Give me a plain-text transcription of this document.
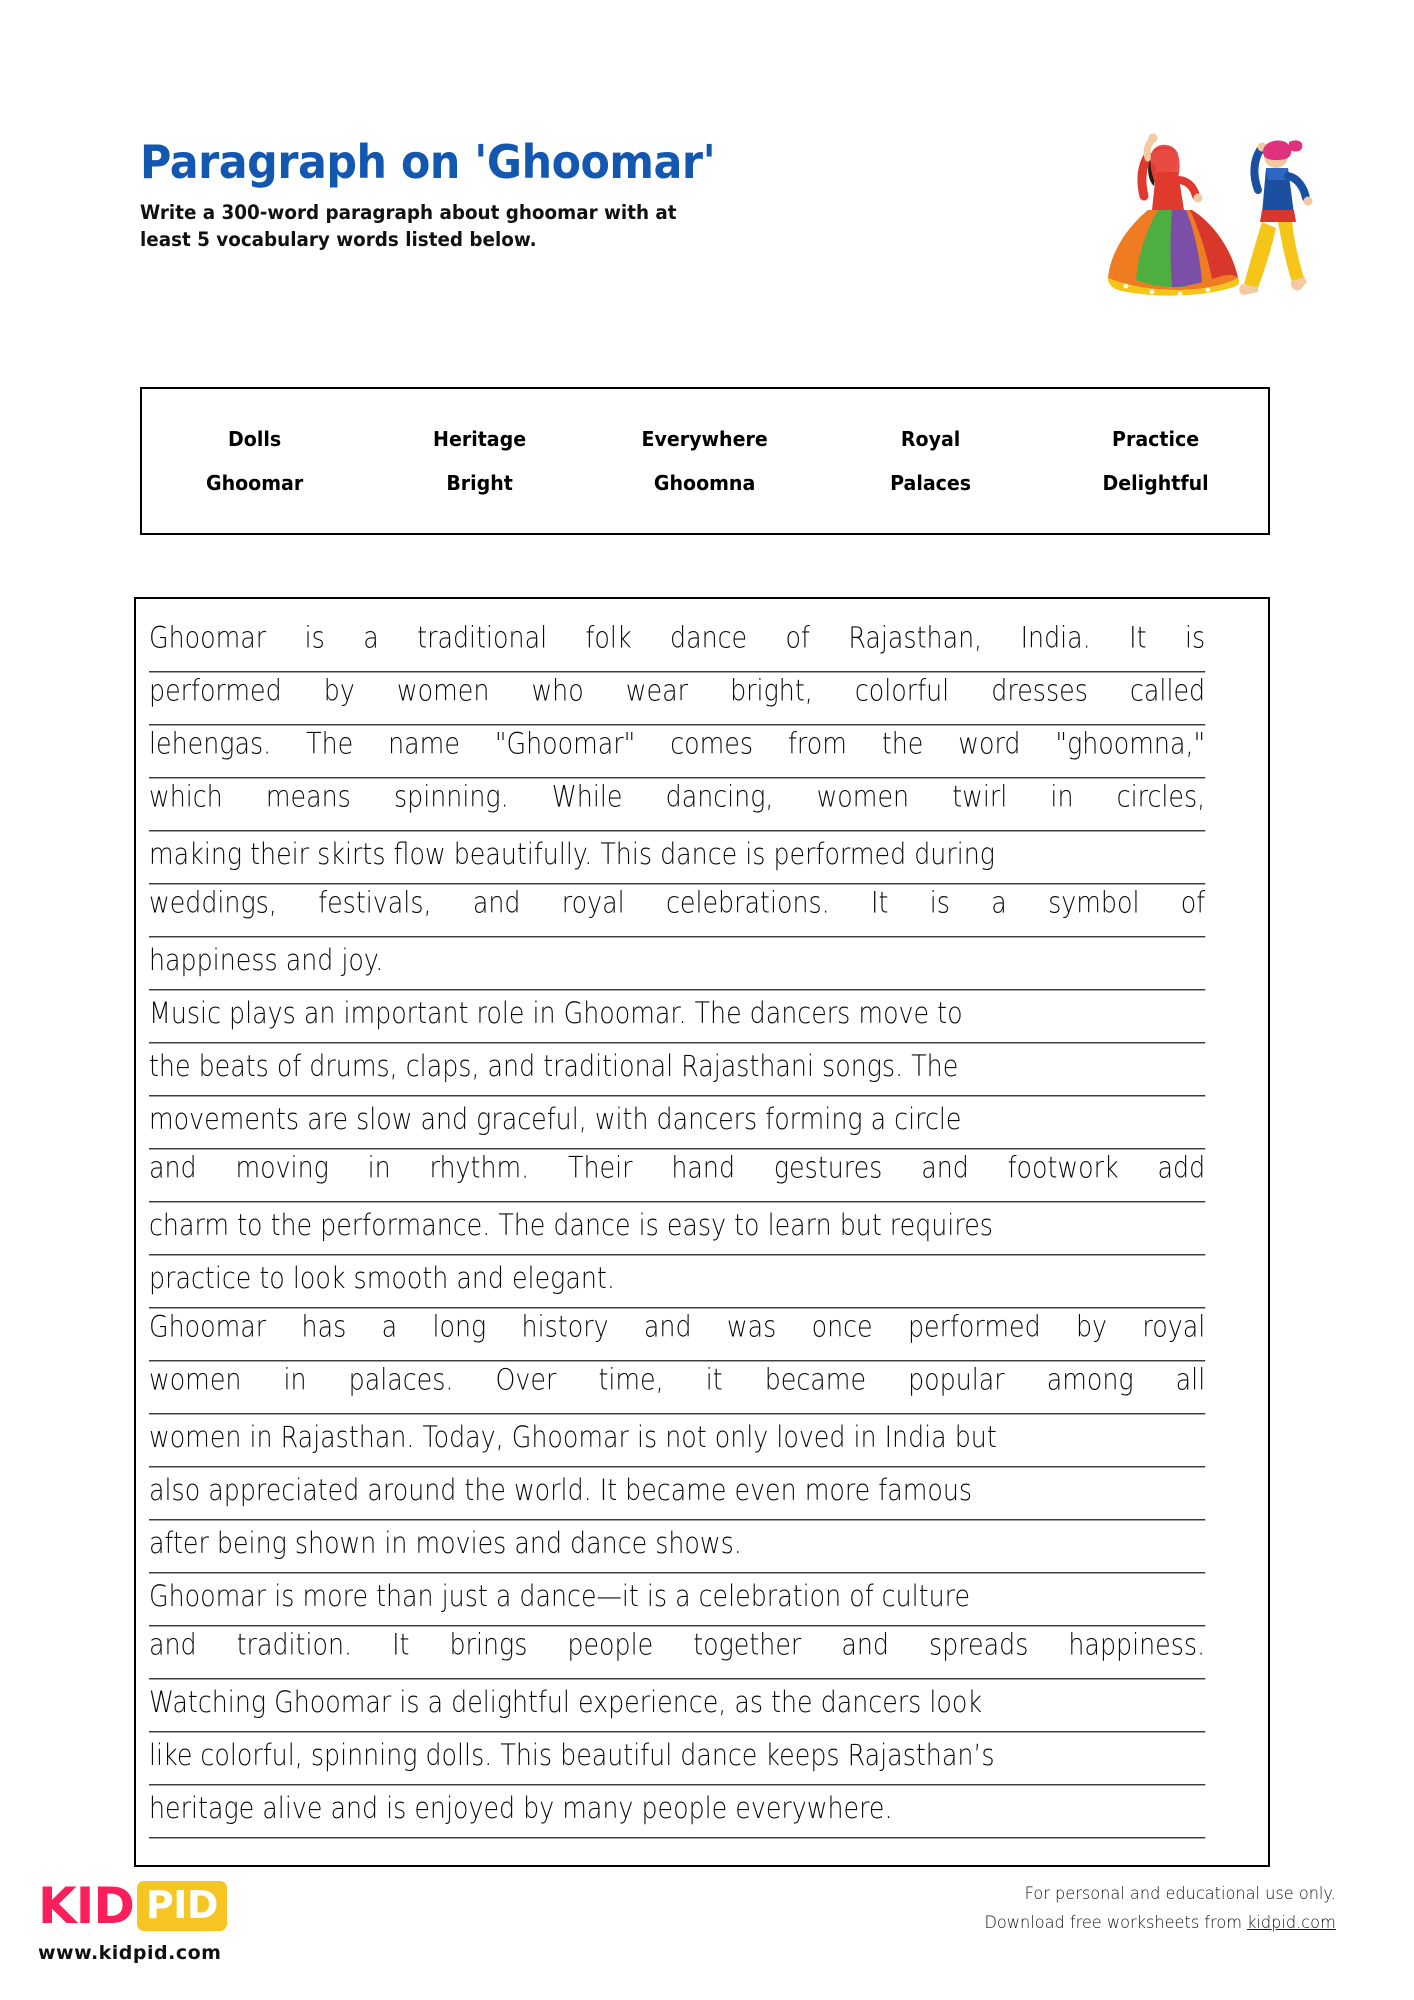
Paragraph on 'Ghoomar'

Write a 300-word paragraph about ghoomar with at
least 5 vocabulary words listed below.

Dolls	Heritage	Everywhere	Royal	Practice
Ghoomar	Bright	Ghoomna	Palaces	Delightful
Ghoomar is a traditional folk dance of Rajasthan, India. It is
performed by women who wear bright, colorful dresses called
lehengas. The name "Ghoomar" comes from the word "ghoomna,"
which means spinning. While dancing, women twirl in circles,
making their skirts flow beautifully. This dance is performed during
weddings, festivals, and royal celebrations. It is a symbol of
happiness and joy.
Music plays an important role in Ghoomar. The dancers move to
the beats of drums, claps, and traditional Rajasthani songs. The
movements are slow and graceful, with dancers forming a circle
and moving in rhythm. Their hand gestures and footwork add
charm to the performance. The dance is easy to learn but requires
practice to look smooth and elegant.
Ghoomar has a long history and was once performed by royal
women in palaces. Over time, it became popular among all
women in Rajasthan. Today, Ghoomar is not only loved in India but
also appreciated around the world. It became even more famous
after being shown in movies and dance shows.
Ghoomar is more than just a dance—it is a celebration of culture
and tradition. It brings people together and spreads happiness.
Watching Ghoomar is a delightful experience, as the dancers look
like colorful, spinning dolls. This beautiful dance keeps Rajasthan’s
heritage alive and is enjoyed by many people everywhere.
KID PID
www.kidpid.com
For personal and educational use only.
Download free worksheets from kidpid.com
